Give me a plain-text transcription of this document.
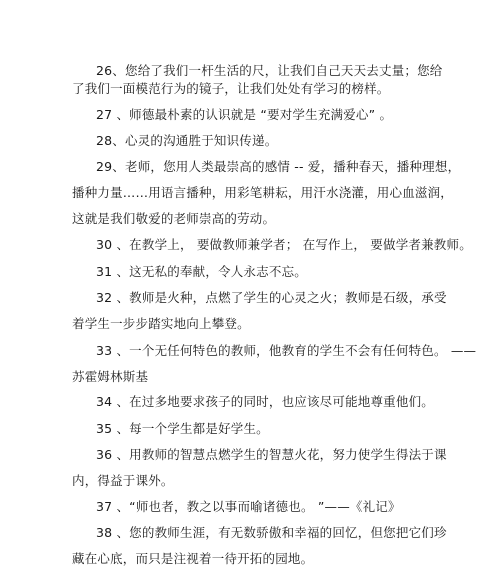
26、您给了我们一杆生活的尺，让我们自己天天去丈量；您给
了我们一面模范行为的镜子，让我们处处有学习的榜样。
27 、师德最朴素的认识就是 “要对学生充满爱心” 。
28、心灵的沟通胜于知识传递。
29、老师，您用人类最崇高的感情 -- 爱，播种春天，播种理想，
播种力量……用语言播种，用彩笔耕耘，用汗水浇灌，用心血滋润，
这就是我们敬爱的老师崇高的劳动。
30 、在教学上， 要做教师兼学者； 在写作上， 要做学者兼教师。
31 、这无私的奉献，令人永志不忘。
32 、教师是火种，点燃了学生的心灵之火；教师是石级，承受
着学生一步步踏实地向上攀登。
33 、一个无任何特色的教师，他教育的学生不会有任何特色。 ——
苏霍姆林斯基
34 、在过多地要求孩子的同时，也应该尽可能地尊重他们。
35 、每一个学生都是好学生。
36 、用教师的智慧点燃学生的智慧火花，努力使学生得法于课
内，得益于课外。
37 、“师也者，教之以事而喻诸德也。 ”——《礼记》
38 、您的教师生涯，有无数骄傲和幸福的回忆，但您把它们珍
藏在心底，而只是注视着一待开拓的园地。
